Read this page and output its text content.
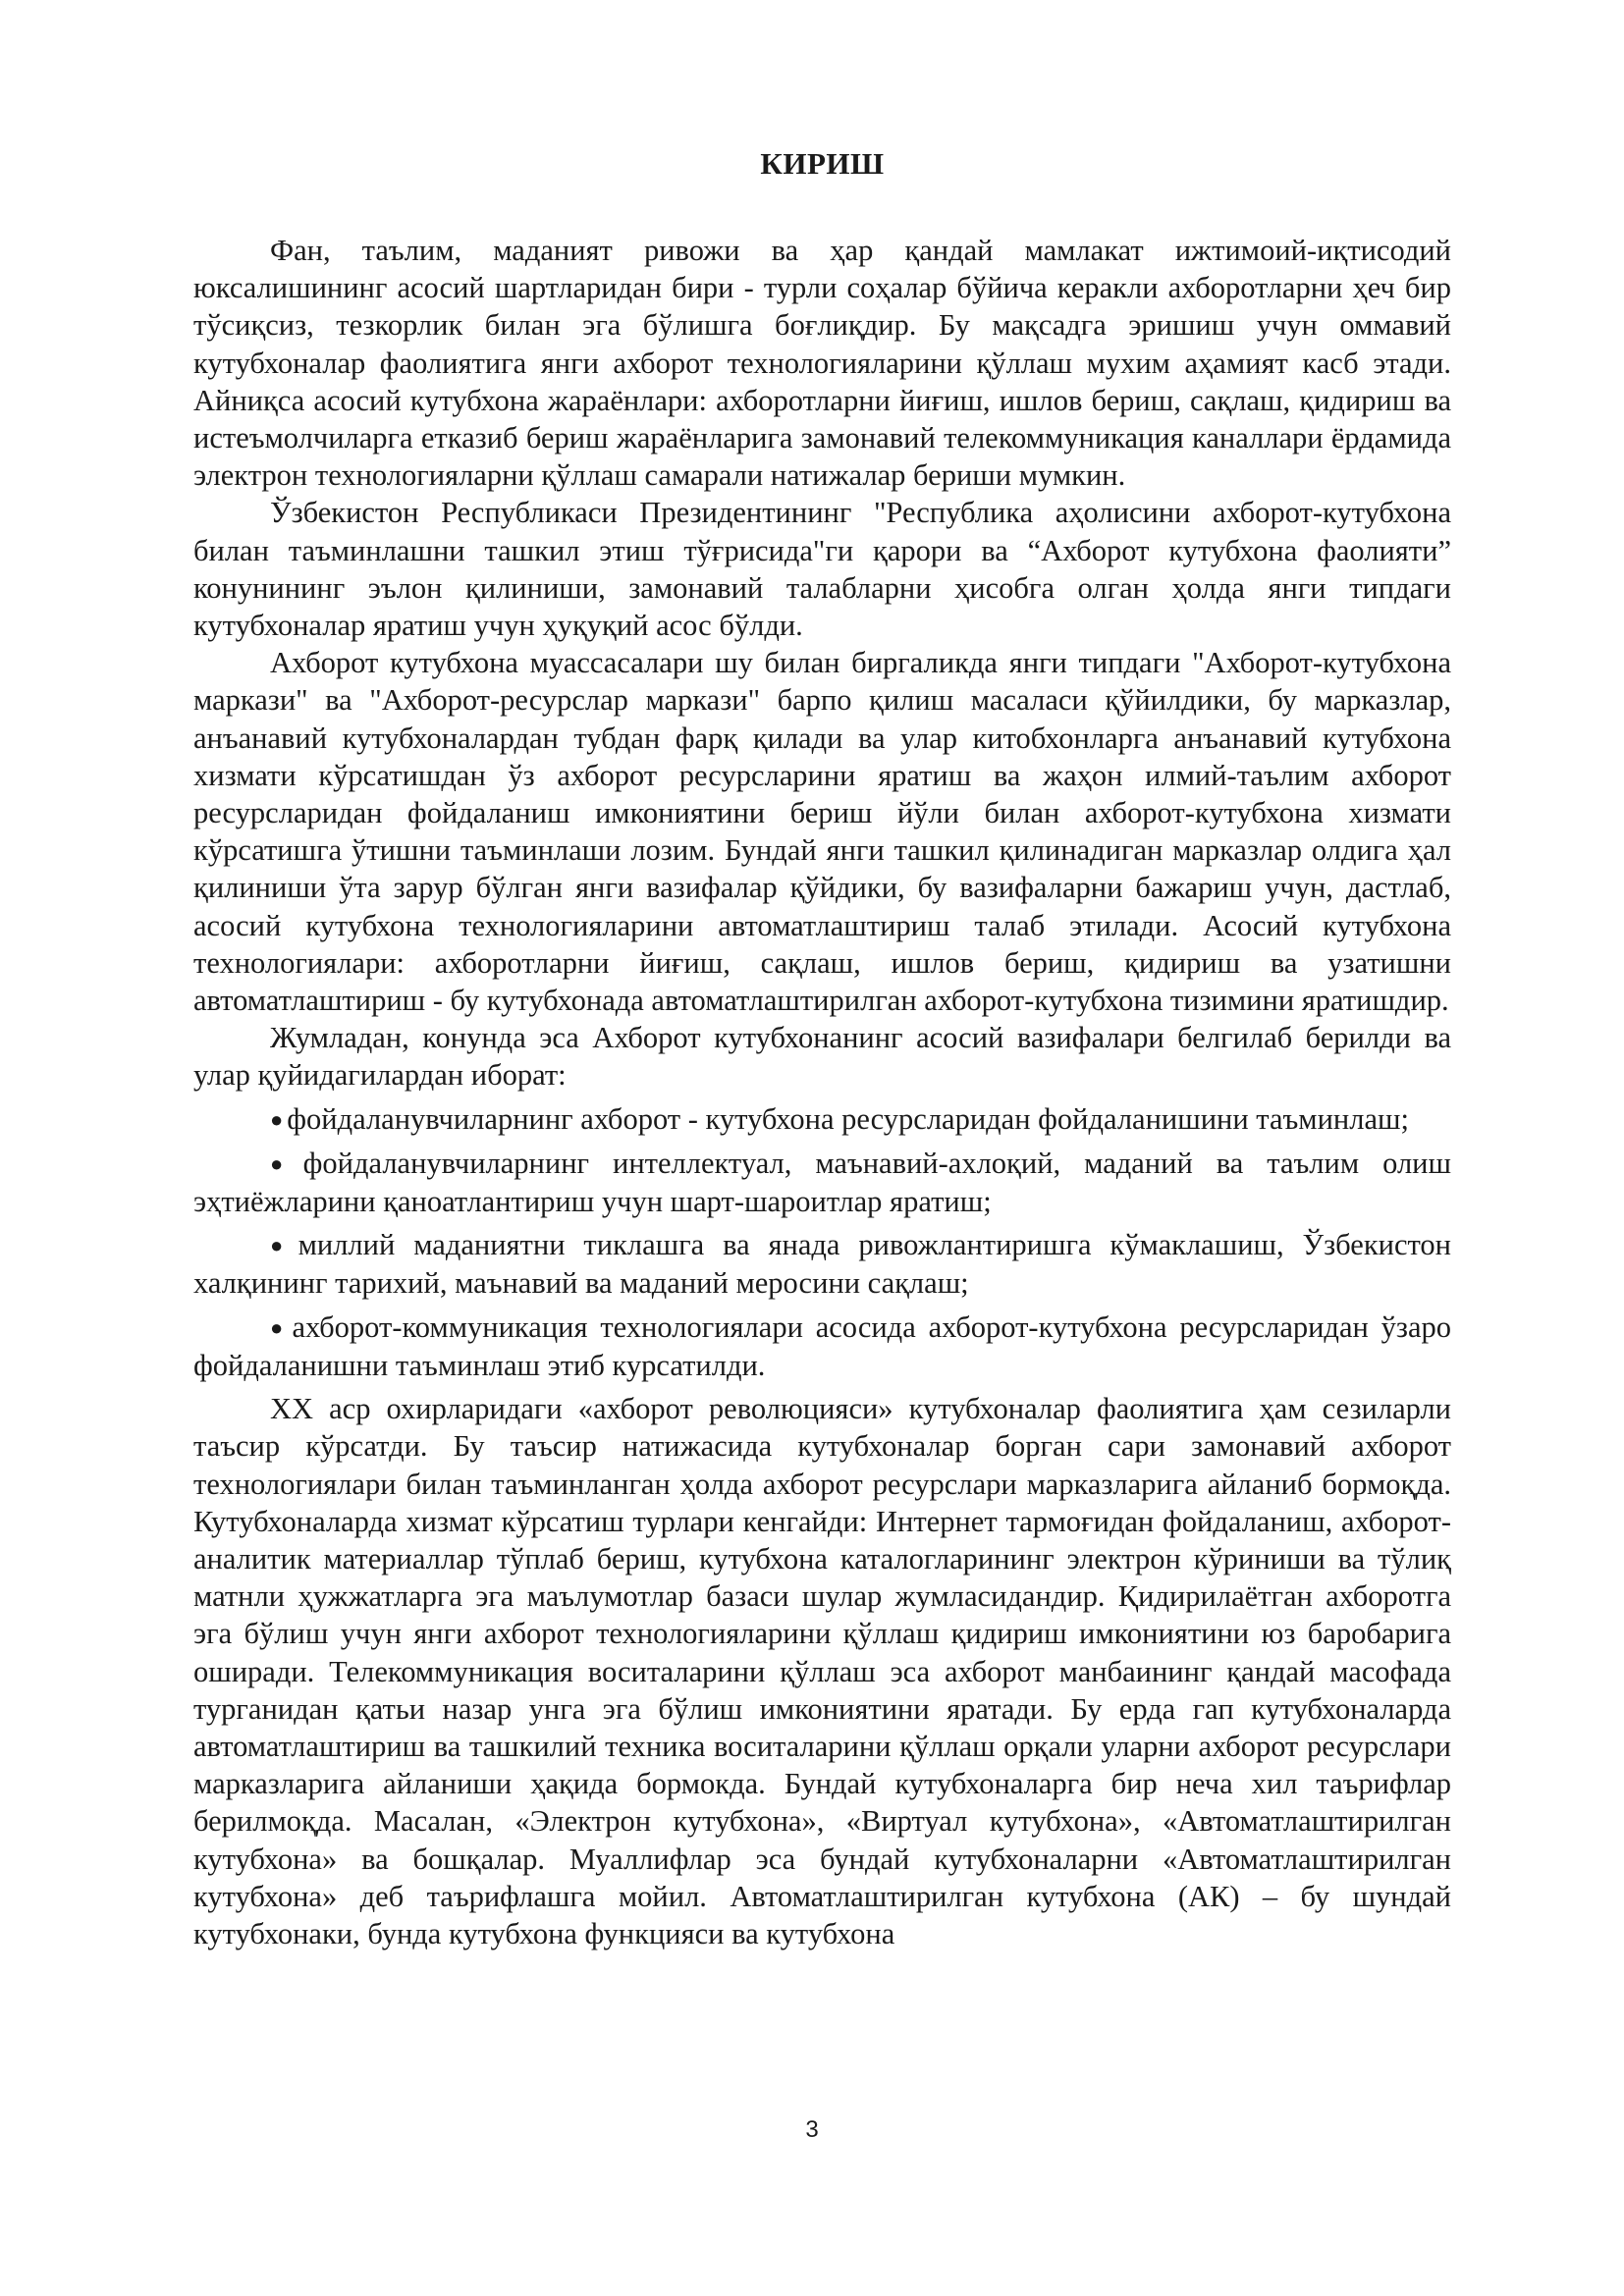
КИРИШ

Фан, таълим, маданият ривожи ва ҳар қандай мамлакат ижтимоий-иқтисодий юксалишининг асосий шартларидан бири - турли соҳалар бўйича керакли ахборотларни ҳеч бир тўсиқсиз, тезкорлик билан эга бўлишга боғлиқдир. Бу мақсадга эришиш учун оммавий кутубхоналар фаолиятига янги ахборот технологияларини қўллаш мухим аҳамият касб этади. Айниқса асосий кутубхона жараёнлари: ахборотларни йиғиш, ишлов бериш, сақлаш, қидириш ва истеъмолчиларга етказиб бериш жараёнларига замонавий телекоммуникация каналлари ёрдамида электрон технологияларни қўллаш самарали натижалар бериши мумкин.

Ўзбекистон Республикаси Президентининг "Республика аҳолисини ахборот-кутубхона билан таъминлашни ташкил этиш тўғрисида"ги қарори ва “Ахборот кутубхона фаолияти” конунининг эълон қилиниши, замонавий талабларни ҳисобга олган ҳолда янги типдаги кутубхоналар яратиш учун ҳуқуқий асос бўлди.

Ахборот кутубхона муассасалари шу билан биргаликда янги типдаги "Ахборот-кутубхона маркази" ва "Ахборот-ресурслар маркази" барпо қилиш масаласи қўйилдики, бу марказлар, анъанавий кутубхоналардан тубдан фарқ қилади ва улар китобхонларга анъанавий кутубхона хизмати кўрсатишдан ўз ахборот ресурсларини яратиш ва жаҳон илмий-таълим ахборот ресурсларидан фойдаланиш имкониятини бериш йўли билан ахборот-кутубхона хизмати кўрсатишга ўтишни таъминлаши лозим. Бундай янги ташкил қилинадиган марказлар олдига ҳал қилиниши ўта зарур бўлган янги вазифалар қўйдики, бу вазифаларни бажариш учун, дастлаб, асосий кутубхона технологияларини автоматлаштириш талаб этилади. Асосий кутубхона технологиялари: ахборотларни йиғиш, сақлаш, ишлов бериш, қидириш ва узатишни автоматлаштириш - бу кутубхонада автоматлаштирилган ахборот-кутубхона тизимини яратишдир.

Жумладан, конунда эса Ахборот кутубхонанинг асосий вазифалари белгилаб берилди ва улар қуйидагилардан иборат:

● фойдаланувчиларнинг ахборот - кутубхона ресурсларидан фойдаланишини таъминлаш;
● фойдаланувчиларнинг интеллектуал, маънавий-ахлоқий, маданий ва таълим олиш эҳтиёжларини қаноатлантириш учун шарт-шароитлар яратиш;
● миллий маданиятни тиклашга ва янада ривожлантиришга кўмаклашиш, Ўзбекистон халқининг тарихий, маънавий ва маданий меросини сақлаш;
● ахборот-коммуникация технологиялари асосида ахборот-кутубхона ресурсларидан ўзаро фойдаланишни таъминлаш этиб курсатилди.

ХХ аср охирларидаги «ахборот революцияси» кутубхоналар фаолиятига ҳам сезиларли таъсир кўрсатди. Бу таъсир натижасида кутубхоналар борган сари замонавий ахборот технологиялари билан таъминланган ҳолда ахборот ресурслари марказларига айланиб бормоқда. Кутубхоналарда хизмат кўрсатиш турлари кенгайди: Интернет тармоғидан фойдаланиш, ахборот-аналитик материаллар тўплаб бериш, кутубхона каталогларининг электрон кўриниши ва тўлиқ матнли ҳужжатларга эга маълумотлар базаси шулар жумласидандир. Қидирилаётган ахборотга эга бўлиш учун янги ахборот технологияларини қўллаш қидириш имкониятини юз баробарига оширади. Телекоммуникация воситаларини қўллаш эса ахборот манбаининг қандай масофада турганидан қатьи назар унга эга бўлиш имкониятини яратади. Бу ерда гап кутубхоналарда автоматлаштириш ва ташкилий техника воситаларини қўллаш орқали уларни ахборот ресурслари марказларига айланиши ҳақида бормокда. Бундай кутубхоналарга бир неча хил таърифлар берилмоқда. Масалан, «Электрон кутубхона», «Виртуал кутубхона», «Автоматлаштирилган кутубхона» ва бошқалар. Муаллифлар эса бундай кутубхоналарни «Автоматлаштирилган кутубхона» деб таърифлашга мойил. Автоматлаштирилган кутубхона (АК) – бу шундай кутубхонаки, бунда кутубхона функцияси ва кутубхона

3
